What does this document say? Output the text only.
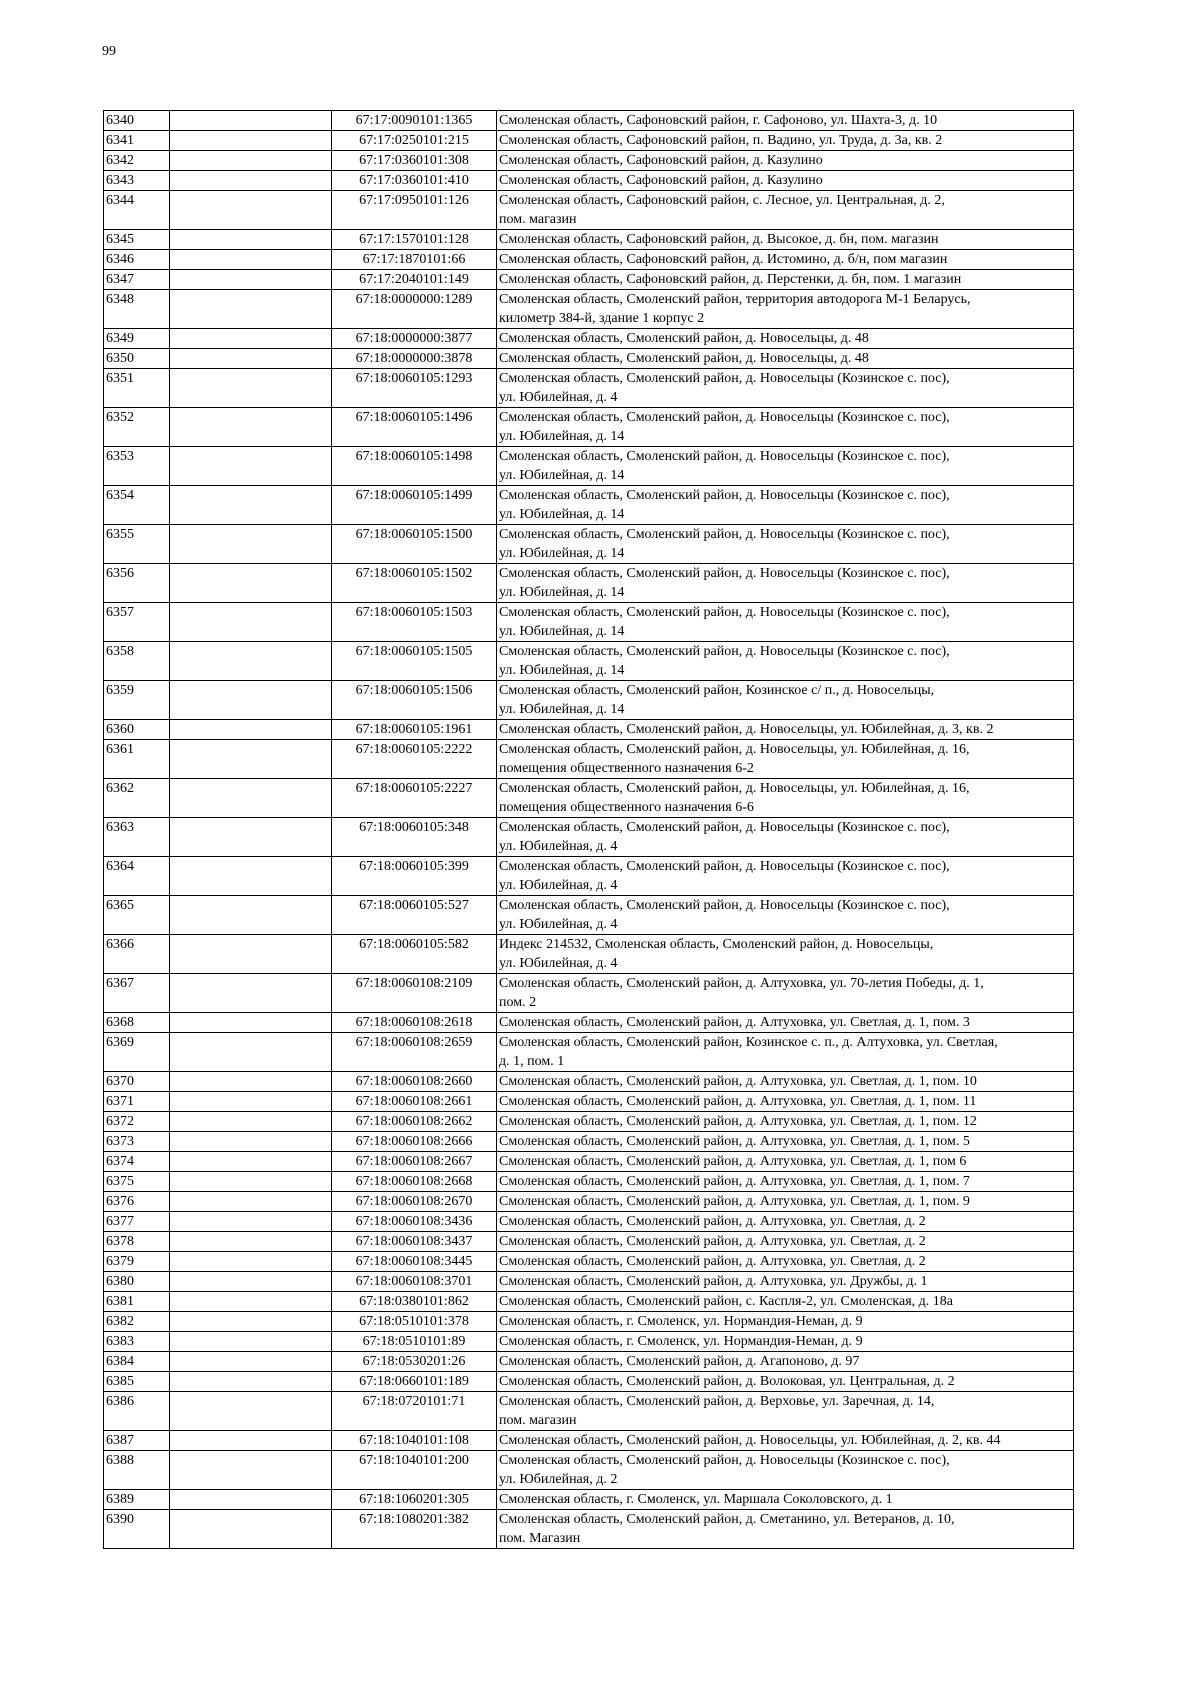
99
6340		67:17:0090101:1365	Смоленская область, Сафоновский район, г. Сафоново, ул. Шахта-3, д. 10
6341		67:17:0250101:215	Смоленская область, Сафоновский район, п. Вадино, ул. Труда, д. 3а, кв. 2
6342		67:17:0360101:308	Смоленская область, Сафоновский район, д. Казулино
6343		67:17:0360101:410	Смоленская область, Сафоновский район, д. Казулино
6344		67:17:0950101:126	Смоленская область, Сафоновский район, с. Лесное, ул. Центральная, д. 2,
пом. магазин
6345		67:17:1570101:128	Смоленская область, Сафоновский район, д. Высокое, д. бн, пом. магазин
6346		67:17:1870101:66	Смоленская область, Сафоновский район, д. Истомино, д. б/н, пом магазин
6347		67:17:2040101:149	Смоленская область, Сафоновский район, д. Перстенки, д. бн, пом. 1 магазин
6348		67:18:0000000:1289	Смоленская область, Смоленский район, территория автодорога М-1 Беларусь,
километр 384-й, здание 1 корпус 2
6349		67:18:0000000:3877	Смоленская область, Смоленский район, д. Новосельцы, д. 48
6350		67:18:0000000:3878	Смоленская область, Смоленский район, д. Новосельцы, д. 48
6351		67:18:0060105:1293	Смоленская область, Смоленский район, д. Новосельцы (Козинское с. пос),
ул. Юбилейная, д. 4
6352		67:18:0060105:1496	Смоленская область, Смоленский район, д. Новосельцы (Козинское с. пос),
ул. Юбилейная, д. 14
6353		67:18:0060105:1498	Смоленская область, Смоленский район, д. Новосельцы (Козинское с. пос),
ул. Юбилейная, д. 14
6354		67:18:0060105:1499	Смоленская область, Смоленский район, д. Новосельцы (Козинское с. пос),
ул. Юбилейная, д. 14
6355		67:18:0060105:1500	Смоленская область, Смоленский район, д. Новосельцы (Козинское с. пос),
ул. Юбилейная, д. 14
6356		67:18:0060105:1502	Смоленская область, Смоленский район, д. Новосельцы (Козинское с. пос),
ул. Юбилейная, д. 14
6357		67:18:0060105:1503	Смоленская область, Смоленский район, д. Новосельцы (Козинское с. пос),
ул. Юбилейная, д. 14
6358		67:18:0060105:1505	Смоленская область, Смоленский район, д. Новосельцы (Козинское с. пос),
ул. Юбилейная, д. 14
6359		67:18:0060105:1506	Смоленская область, Смоленский район, Козинское с/ п., д. Новосельцы,
ул. Юбилейная, д. 14
6360		67:18:0060105:1961	Смоленская область, Смоленский район, д. Новосельцы, ул. Юбилейная, д. 3, кв. 2
6361		67:18:0060105:2222	Смоленская область, Смоленский район, д. Новосельцы, ул. Юбилейная, д. 16,
помещения общественного назначения 6-2
6362		67:18:0060105:2227	Смоленская область, Смоленский район, д. Новосельцы, ул. Юбилейная, д. 16,
помещения общественного назначения 6-6
6363		67:18:0060105:348	Смоленская область, Смоленский район, д. Новосельцы (Козинское с. пос),
ул. Юбилейная, д. 4
6364		67:18:0060105:399	Смоленская область, Смоленский район, д. Новосельцы (Козинское с. пос),
ул. Юбилейная, д. 4
6365		67:18:0060105:527	Смоленская область, Смоленский район, д. Новосельцы (Козинское с. пос),
ул. Юбилейная, д. 4
6366		67:18:0060105:582	Индекс 214532, Смоленская область, Смоленский район, д. Новосельцы,
ул. Юбилейная, д. 4
6367		67:18:0060108:2109	Смоленская область, Смоленский район, д. Алтуховка, ул. 70-летия Победы, д. 1,
пом. 2
6368		67:18:0060108:2618	Смоленская область, Смоленский район, д. Алтуховка, ул. Светлая, д. 1, пом. 3
6369		67:18:0060108:2659	Смоленская область, Смоленский район, Козинское с. п., д. Алтуховка, ул. Светлая,
д. 1, пом. 1
6370		67:18:0060108:2660	Смоленская область, Смоленский район, д. Алтуховка, ул. Светлая, д. 1, пом. 10
6371		67:18:0060108:2661	Смоленская область, Смоленский район, д. Алтуховка, ул. Светлая, д. 1, пом. 11
6372		67:18:0060108:2662	Смоленская область, Смоленский район, д. Алтуховка, ул. Светлая, д. 1, пом. 12
6373		67:18:0060108:2666	Смоленская область, Смоленский район, д. Алтуховка, ул. Светлая, д. 1, пом. 5
6374		67:18:0060108:2667	Смоленская область, Смоленский район, д. Алтуховка, ул. Светлая, д. 1, пом 6
6375		67:18:0060108:2668	Смоленская область, Смоленский район, д. Алтуховка, ул. Светлая, д. 1, пом. 7
6376		67:18:0060108:2670	Смоленская область, Смоленский район, д. Алтуховка, ул. Светлая, д. 1, пом. 9
6377		67:18:0060108:3436	Смоленская область, Смоленский район, д. Алтуховка, ул. Светлая, д. 2
6378		67:18:0060108:3437	Смоленская область, Смоленский район, д. Алтуховка, ул. Светлая, д. 2
6379		67:18:0060108:3445	Смоленская область, Смоленский район, д. Алтуховка, ул. Светлая, д. 2
6380		67:18:0060108:3701	Смоленская область, Смоленский район, д. Алтуховка, ул. Дружбы, д. 1
6381		67:18:0380101:862	Смоленская область, Смоленский район, с. Каспля-2, ул. Смоленская, д. 18а
6382		67:18:0510101:378	Смоленская область, г. Смоленск, ул. Нормандия-Неман, д. 9
6383		67:18:0510101:89	Смоленская область, г. Смоленск, ул. Нормандия-Неман, д. 9
6384		67:18:0530201:26	Смоленская область, Смоленский район, д. Агапоново, д. 97
6385		67:18:0660101:189	Смоленская область, Смоленский район, д. Волоковая, ул. Центральная, д. 2
6386		67:18:0720101:71	Смоленская область, Смоленский район, д. Верховье, ул. Заречная, д. 14,
пом. магазин
6387		67:18:1040101:108	Смоленская область, Смоленский район, д. Новосельцы, ул. Юбилейная, д. 2, кв. 44
6388		67:18:1040101:200	Смоленская область, Смоленский район, д. Новосельцы (Козинское с. пос),
ул. Юбилейная, д. 2
6389		67:18:1060201:305	Смоленская область, г. Смоленск, ул. Маршала Соколовского, д. 1
6390		67:18:1080201:382	Смоленская область, Смоленский район, д. Сметанино, ул. Ветеранов, д. 10,
пом. Магазин
